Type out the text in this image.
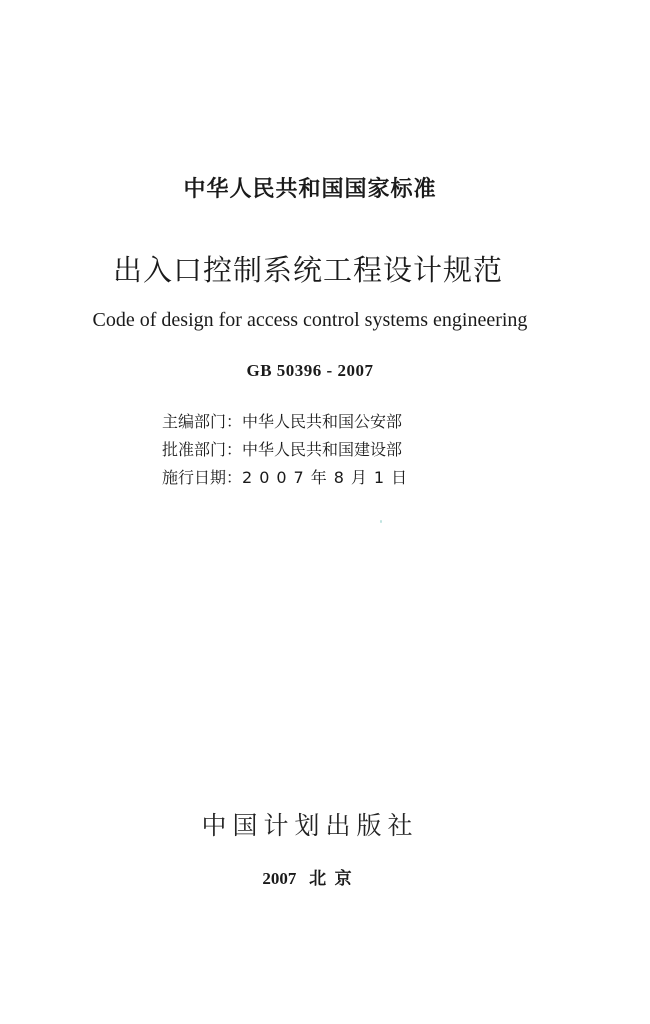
中华人民共和国国家标准
出入口控制系统工程设计规范
Code of design for access control systems engineering
GB 50396 - 2007
主编部门：中华人民共和国公安部
批准部门：中华人民共和国建设部
施行日期：2007年8月1日
中国计划出版社
2007 北  京
